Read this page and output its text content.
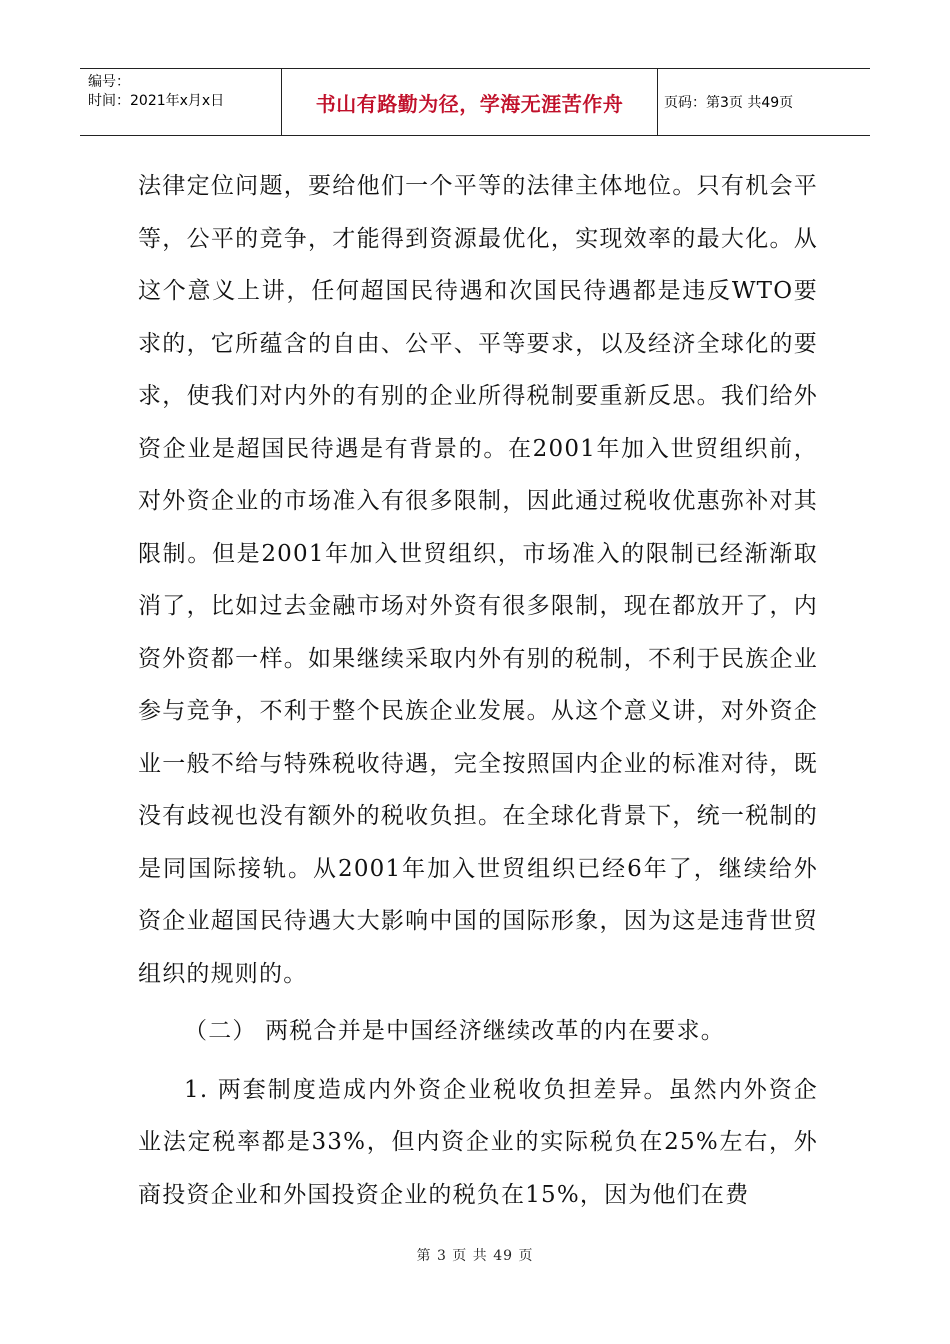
编号：
时间：2021年x月x日	书山有路勤为径，学海无涯苦作舟	页码：第3页 共49页

法律定位问题，要给他们一个平等的法律主体地位。只有机会平等，公平的竞争，才能得到资源最优化，实现效率的最大化。从这个意义上讲，任何超国民待遇和次国民待遇都是违反WTO要求的，它所蕴含的自由、公平、平等要求，以及经济全球化的要求，使我们对内外的有别的企业所得税制要重新反思。我们给外资企业是超国民待遇是有背景的。在2001年加入世贸组织前，对外资企业的市场准入有很多限制，因此通过税收优惠弥补对其限制。但是2001年加入世贸组织，市场准入的限制已经渐渐取消了，比如过去金融市场对外资有很多限制，现在都放开了，内资外资都一样。如果继续采取内外有别的税制，不利于民族企业参与竞争，不利于整个民族企业发展。从这个意义讲，对外资企业一般不给与特殊税收待遇，完全按照国内企业的标准对待，既没有歧视也没有额外的税收负担。在全球化背景下，统一税制的是同国际接轨。从2001年加入世贸组织已经6年了，继续给外资企业超国民待遇大大影响中国的国际形象，因为这是违背世贸组织的规则的。

（二） 两税合并是中国经济继续改革的内在要求。

1. 两套制度造成内外资企业税收负担差异。虽然内外资企业法定税率都是33%，但内资企业的实际税负在25%左右，外商投资企业和外国投资企业的税负在15%，因为他们在费

第 3 页 共 49 页
